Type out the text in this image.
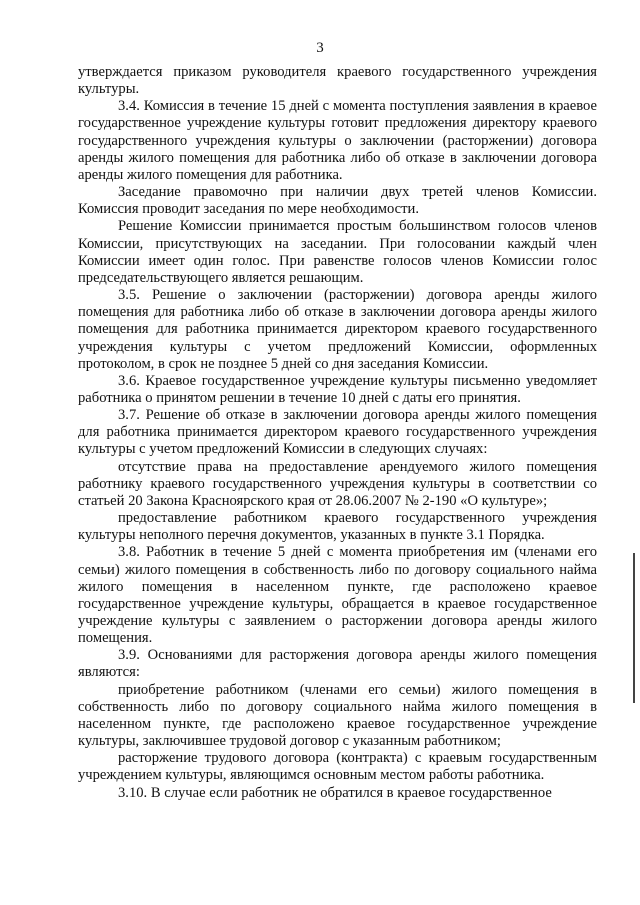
3

утверждается приказом руководителя краевого государственного учреждения культуры.

3.4. Комиссия в течение 15 дней с момента поступления заявления в краевое государственное учреждение культуры готовит предложения директору краевого государственного учреждения культуры о заключении (расторжении) договора аренды жилого помещения для работника либо об отказе в заключении договора аренды жилого помещения для работника.

Заседание правомочно при наличии двух третей членов Комиссии. Комиссия проводит заседания по мере необходимости.

Решение Комиссии принимается простым большинством голосов членов Комиссии, присутствующих на заседании. При голосовании каждый член Комиссии имеет один голос. При равенстве голосов членов Комиссии голос председательствующего является решающим.

3.5. Решение о заключении (расторжении) договора аренды жилого помещения для работника либо об отказе в заключении договора аренды жилого помещения для работника принимается директором краевого государственного учреждения культуры с учетом предложений Комиссии, оформленных протоколом, в срок не позднее 5 дней со дня заседания Комиссии.

3.6. Краевое государственное учреждение культуры письменно уведомляет работника о принятом решении в течение 10 дней с даты его принятия.

3.7. Решение об отказе в заключении договора аренды жилого помещения для работника принимается директором краевого государственного учреждения культуры с учетом предложений Комиссии в следующих случаях:

отсутствие права на предоставление арендуемого жилого помещения работнику краевого государственного учреждения культуры в соответствии со статьей 20 Закона Красноярского края от 28.06.2007 № 2-190 «О культуре»;

предоставление работником краевого государственного учреждения культуры неполного перечня документов, указанных в пункте 3.1 Порядка.

3.8. Работник в течение 5 дней с момента приобретения им (членами его семьи) жилого помещения в собственность либо по договору социального найма жилого помещения в населенном пункте, где расположено краевое государственное учреждение культуры, обращается в краевое государственное учреждение культуры с заявлением о расторжении договора аренды жилого помещения.

3.9. Основаниями для расторжения договора аренды жилого помещения являются:

приобретение работником (членами его семьи) жилого помещения в собственность либо по договору социального найма жилого помещения в населенном пункте, где расположено краевое государственное учреждение культуры, заключившее трудовой договор с указанным работником;

расторжение трудового договора (контракта) с краевым государственным учреждением культуры, являющимся основным местом работы работника.

3.10. В случае если работник не обратился в краевое государственное
